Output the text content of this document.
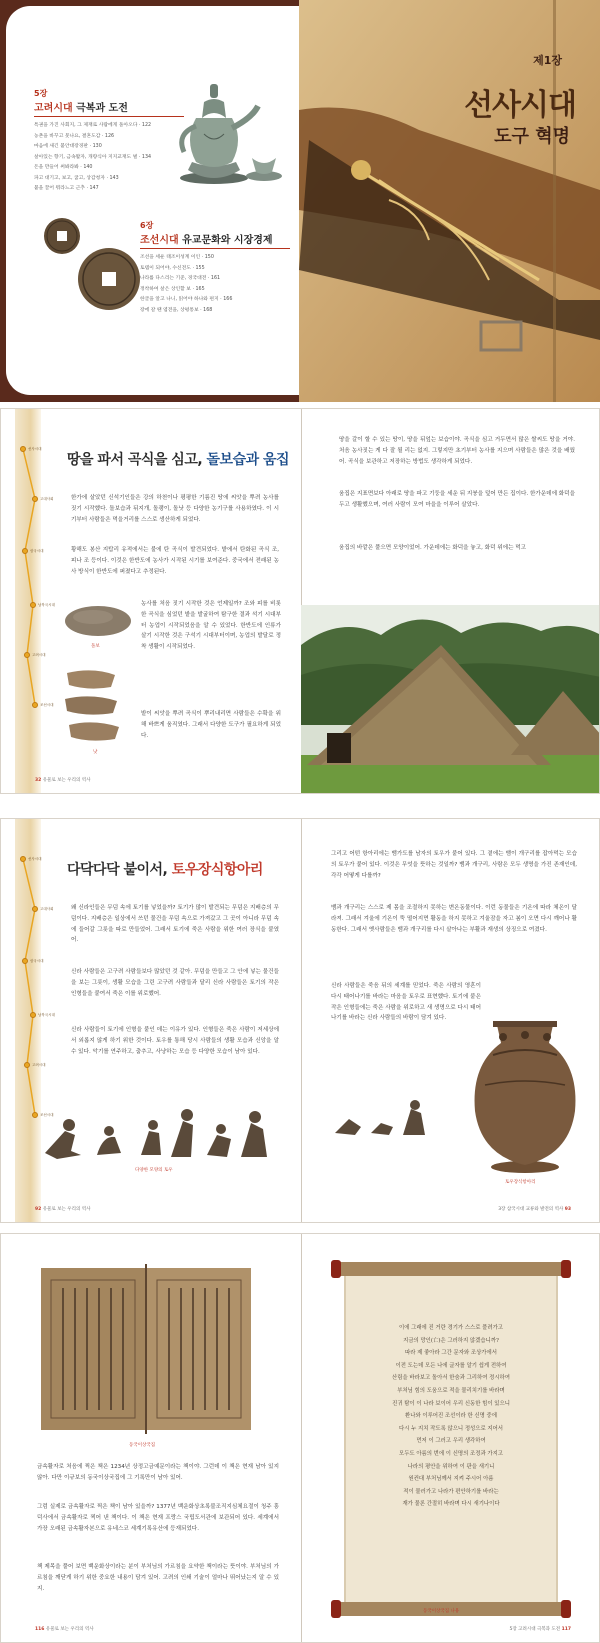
5장
고려시대 극복과 도전
특권을 가진 사회지, 그 제재로 사람에게 돌아오다 · 122
농촌을 바꾸고 뭇나요, 결혼도감 · 126
마음에 새긴 불안대장경판 · 130
살아있는 향기, 금속활자, 개량식아 지지교재도 벌 · 134
돈을 만들어 써봐라봐 · 140
파고 대기고, 보고, 굽고, 상감청자 · 143
불을 끌어 뭐라느고 근추 · 147
6장
조선시대 유교문화와 시장경제
조선을 세운 태조이성계 이인 · 150
토템이 되어야, 수신전도 · 155
나라를 다스리는 기준, 경국대전 · 161
정착하여 살은 상인할 보 · 165
한글을 알고 나니, 읽어야 하나와 편지 · 166
장에 갈 땐 엽전을, 상평통보 · 168
제1장
선사시대
도구 혁명
선사시대
고대사회
삼국시대
남북국시대
고려시대
조선시대
땅을 파서 곡식을 심고, 돌보습과 움집

한가에 살았던 신석기인들은 강의 하천이나 평평한 기름진 땅에 씨앗을 뿌려 농사를 짓기 시작했다. 돌보습과 뒤지개, 돌괭이, 돌낫 등 다양한 농기구를 사용하였다. 이 시기부터 사람들은 먹을거리를 스스로 생산하게 되었다.

황해도 봉산 지탑리 유적에서는 불에 탄 곡식이 발견되었다. 밭에서 탄화된 곡식 조, 피나 조 등이다. 이것은 한반도에 농사가 시작된 시기를 보여준다. 중국에서 전래된 농사 방식이 한반도에 퍼졌다고 추정된다.

돌보

농사를 처음 짓기 시작한 것은 언제일까? 조와 피를 비롯한 곡식을 심었던 밭을 발굴하여 탐구한 결과 석기 시대부터 농업이 시작되었음을 알 수 있었다. 한반도에 인류가 살기 시작한 것은 구석기 시대부터이며, 농업의 발달로 정착 생활이 시작되었다.

낫

밭이 씨앗을 뿌려 곡식이 뿌리내리면 사람들은 수확을 위해 바쁘게 움직였다. 그래서 다양한 도구가 필요하게 되었다.

32 유물로 보는 우리의 역사

땅을 갈이 할 수 있는 땅이, 땅을 뒤엎는 보습이야. 곡식을 심고 거두면서 많은 쌀씨도 땅을 거야. 처음 농사짓는 게 다 잘 될 리는 없지. 그렇지만 초기부터 농사를 지으며 사람들은 많은 것을 배웠어. 곡식을 보관하고 저장하는 방법도 생각하게 되었다.

움집은 지표면보다 아래로 땅을 파고 기둥을 세운 뒤 지붕을 덮어 만든 집이다. 한가운데에 화덕을 두고 생활했으며, 여러 사람이 모여 마을을 이루어 살았다.

움집의 바깥은 풀으면 모양이었어. 가운데에는 화덕을 놓고, 화덕 위에는 먹고

선사시대
고대사회
삼국시대
남북국시대
고려시대
조선시대
다닥다닥 붙이서, 토우장식항아리

왜 신라인들은 무덤 속에 토기를 넣었을까? 토기가 많이 발견되는 무덤은 지배층의 무덤이다. 지배층은 일상에서 쓰던 물건을 무덤 속으로 가져갔고 그 곳이 아니라 무덤 속에 들어갈 그릇을 따로 만들었어. 그래서 토기에 죽은 사람을 위한 여러 장식을 붙였어.

신라 사람들은 고구려 사람들보다 많았던 것 같아. 무덤을 만들고 그 안에 넣는 물건들을 보는 그릇이, 생활 모습을 그린 고구려 사람들과 달리 신라 사람들은 토기의 작은 인형들을 붙여서 죽은 이를 위로했어.

신라 사람들이 토기에 인형을 붙인 데는 이유가 있다. 인형들은 죽은 사람이 저세상에서 외롭지 않게 하기 위한 것이다. 토우를 통해 당시 사람들의 생활 모습과 신앙을 알 수 있다. 악기를 연주하고, 춤추고, 사냥하는 모습 등 다양한 모습이 남아 있다.

다양한 모양의 토우
92 유물로 보는 우리의 역사

그리고 어떤 항아리에는 뱀가도를 남자의 토우가 붙어 있다. 그 곁에는 뱀이 개구리를 잡아먹는 모습의 토우가 붙어 있다. 이것은 무엇을 뜻하는 것일까? 뱀과 개구리, 사람은 모두 생명을 가진 존재인데, 각각 어떻게 다를까?

뱀과 개구리는 스스로 제 몸을 조절하지 못하는 변온동물이다. 이런 동물들은 기온에 따라 체온이 달라져. 그래서 겨울에 기온이 뚝 떨어지면 활동을 하지 못하고 겨울잠을 자고 봄이 오면 다시 깨어나 활동한다. 그래서 옛사람들은 뱀과 개구리를 다시 살아나는 부활과 재생의 상징으로 여겼다.

신라 사람들은 죽음 뒤의 세계를 믿었다. 죽은 사람의 영혼이 다시 태어나기를 바라는 마음을 토우로 표현했다. 토기에 붙은 작은 인형들에는 죽은 사람을 위로하고 새 생명으로 다시 태어나기를 바라는 신라 사람들의 바람이 담겨 있다.

토우장식항아리
3장 삼국시대 교류와 발전의 역사 93
동국이상국집

금속활자로 처음에 찍은 책은 1234년 상정고금예문이라는 책이야. 그런데 이 책은 현재 남아 있지 않아. 다만 이규보의 동국이상국집에 그 기록만이 남아 있어.

그럼 실제로 금속활자로 찍은 책이 남아 있을까? 1377년 백운화상초록불조직지심체요절이 청주 흥덕사에서 금속활자로 찍어 낸 책이다. 이 책은 현재 프랑스 국립도서관에 보관되어 있다. 세계에서 가장 오래된 금속활자본으로 유네스코 세계기록유산에 등재되었다.

책 제목을 풀어 보면 백운화상이라는 분이 부처님의 가르침을 요약한 책이라는 뜻이야. 부처님의 가르침을 깨닫게 하기 위한 중요한 내용이 담겨 있어. 고려의 인쇄 기술이 얼마나 뛰어났는지 알 수 있지.

116 유물로 보는 우리의 역사
이에 그래에 진 거란 경기가 스스로 풀려가고
지금의 망인(亡)은 그러하지 않겠습니까?
따라 제 좋아라 그간 문자와 조상가에서
이전 도는데 모든 나에 글자를 알기 쉽게 전하여
산림을 바라보고 돌아서 한숨과 그리하여 정시하여
부처님 힘의 도움으로 적을 물리치기를 바라며
진귀 탐이 이 나라 보이어 우리 신동한 힘이 있으니
환나와 이루어진 조선이라 한 신명 중에
다시 누 지치 작도록 않으니 정성으로 지어서
먼저 이 그러고 우리 생각하여
모두도 아름의 번에 이 신명의 조정과 가지고
나라의 평안을 위하여 이 판을 새기니
원컨대 부처님께서 지켜 주시어 아름
적이 물러가고 나라가 편안하기를 바라는
재가 물론 간절히 바라며 다시 새기나이다
동국이상국집 나용
5장 고려시대 극복과 도전 117
